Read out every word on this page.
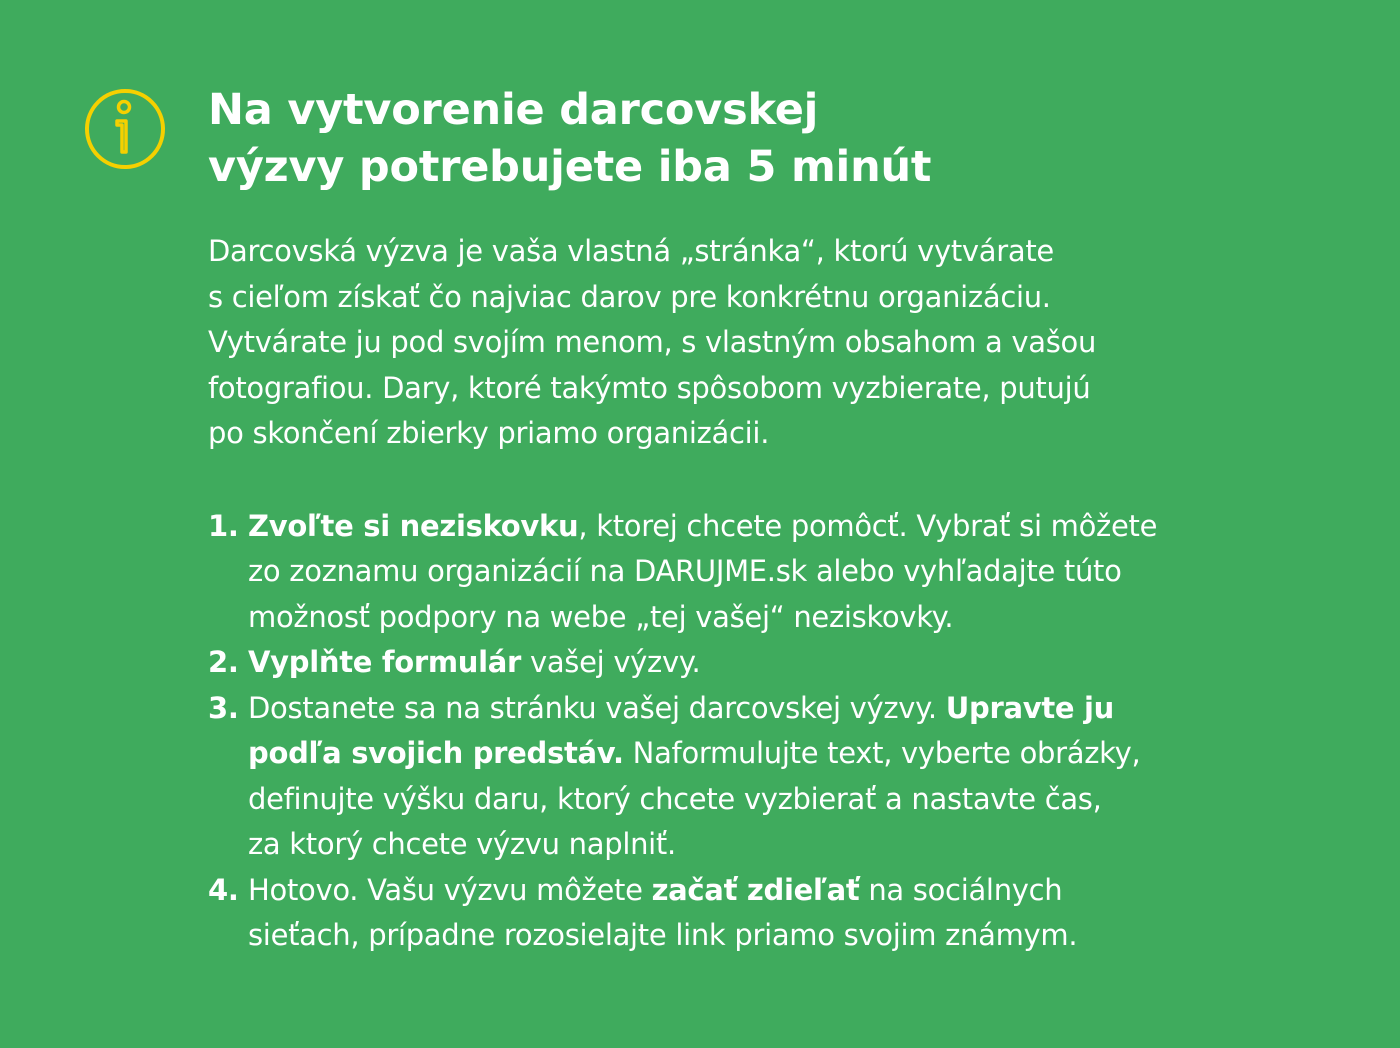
Na vytvorenie darcovskej
výzvy potrebujete iba 5 minút

Darcovská výzva je vaša vlastná „stránka“, ktorú vytvárate
s cieľom získať čo najviac darov pre konkrétnu organizáciu.
Vytvárate ju pod svojím menom, s vlastným obsahom a vašou
fotografiou. Dary, ktoré takýmto spôsobom vyzbierate, putujú
po skončení zbierky priamo organizácii.

1. Zvoľte si neziskovku, ktorej chcete pomôcť. Vybrať si môžete
zo zoznamu organizácií na DARUJME.sk alebo vyhľadajte túto
možnosť podpory na webe „tej vašej“ neziskovky.
2. Vyplňte formulár vašej výzvy.
3. Dostanete sa na stránku vašej darcovskej výzvy. Upravte ju
podľa svojich predstáv. Naformulujte text, vyberte obrázky,
definujte výšku daru, ktorý chcete vyzbierať a nastavte čas,
za ktorý chcete výzvu naplniť.
4. Hotovo. Vašu výzvu môžete začať zdieľať na sociálnych
sieťach, prípadne rozosielajte link priamo svojim známym.
